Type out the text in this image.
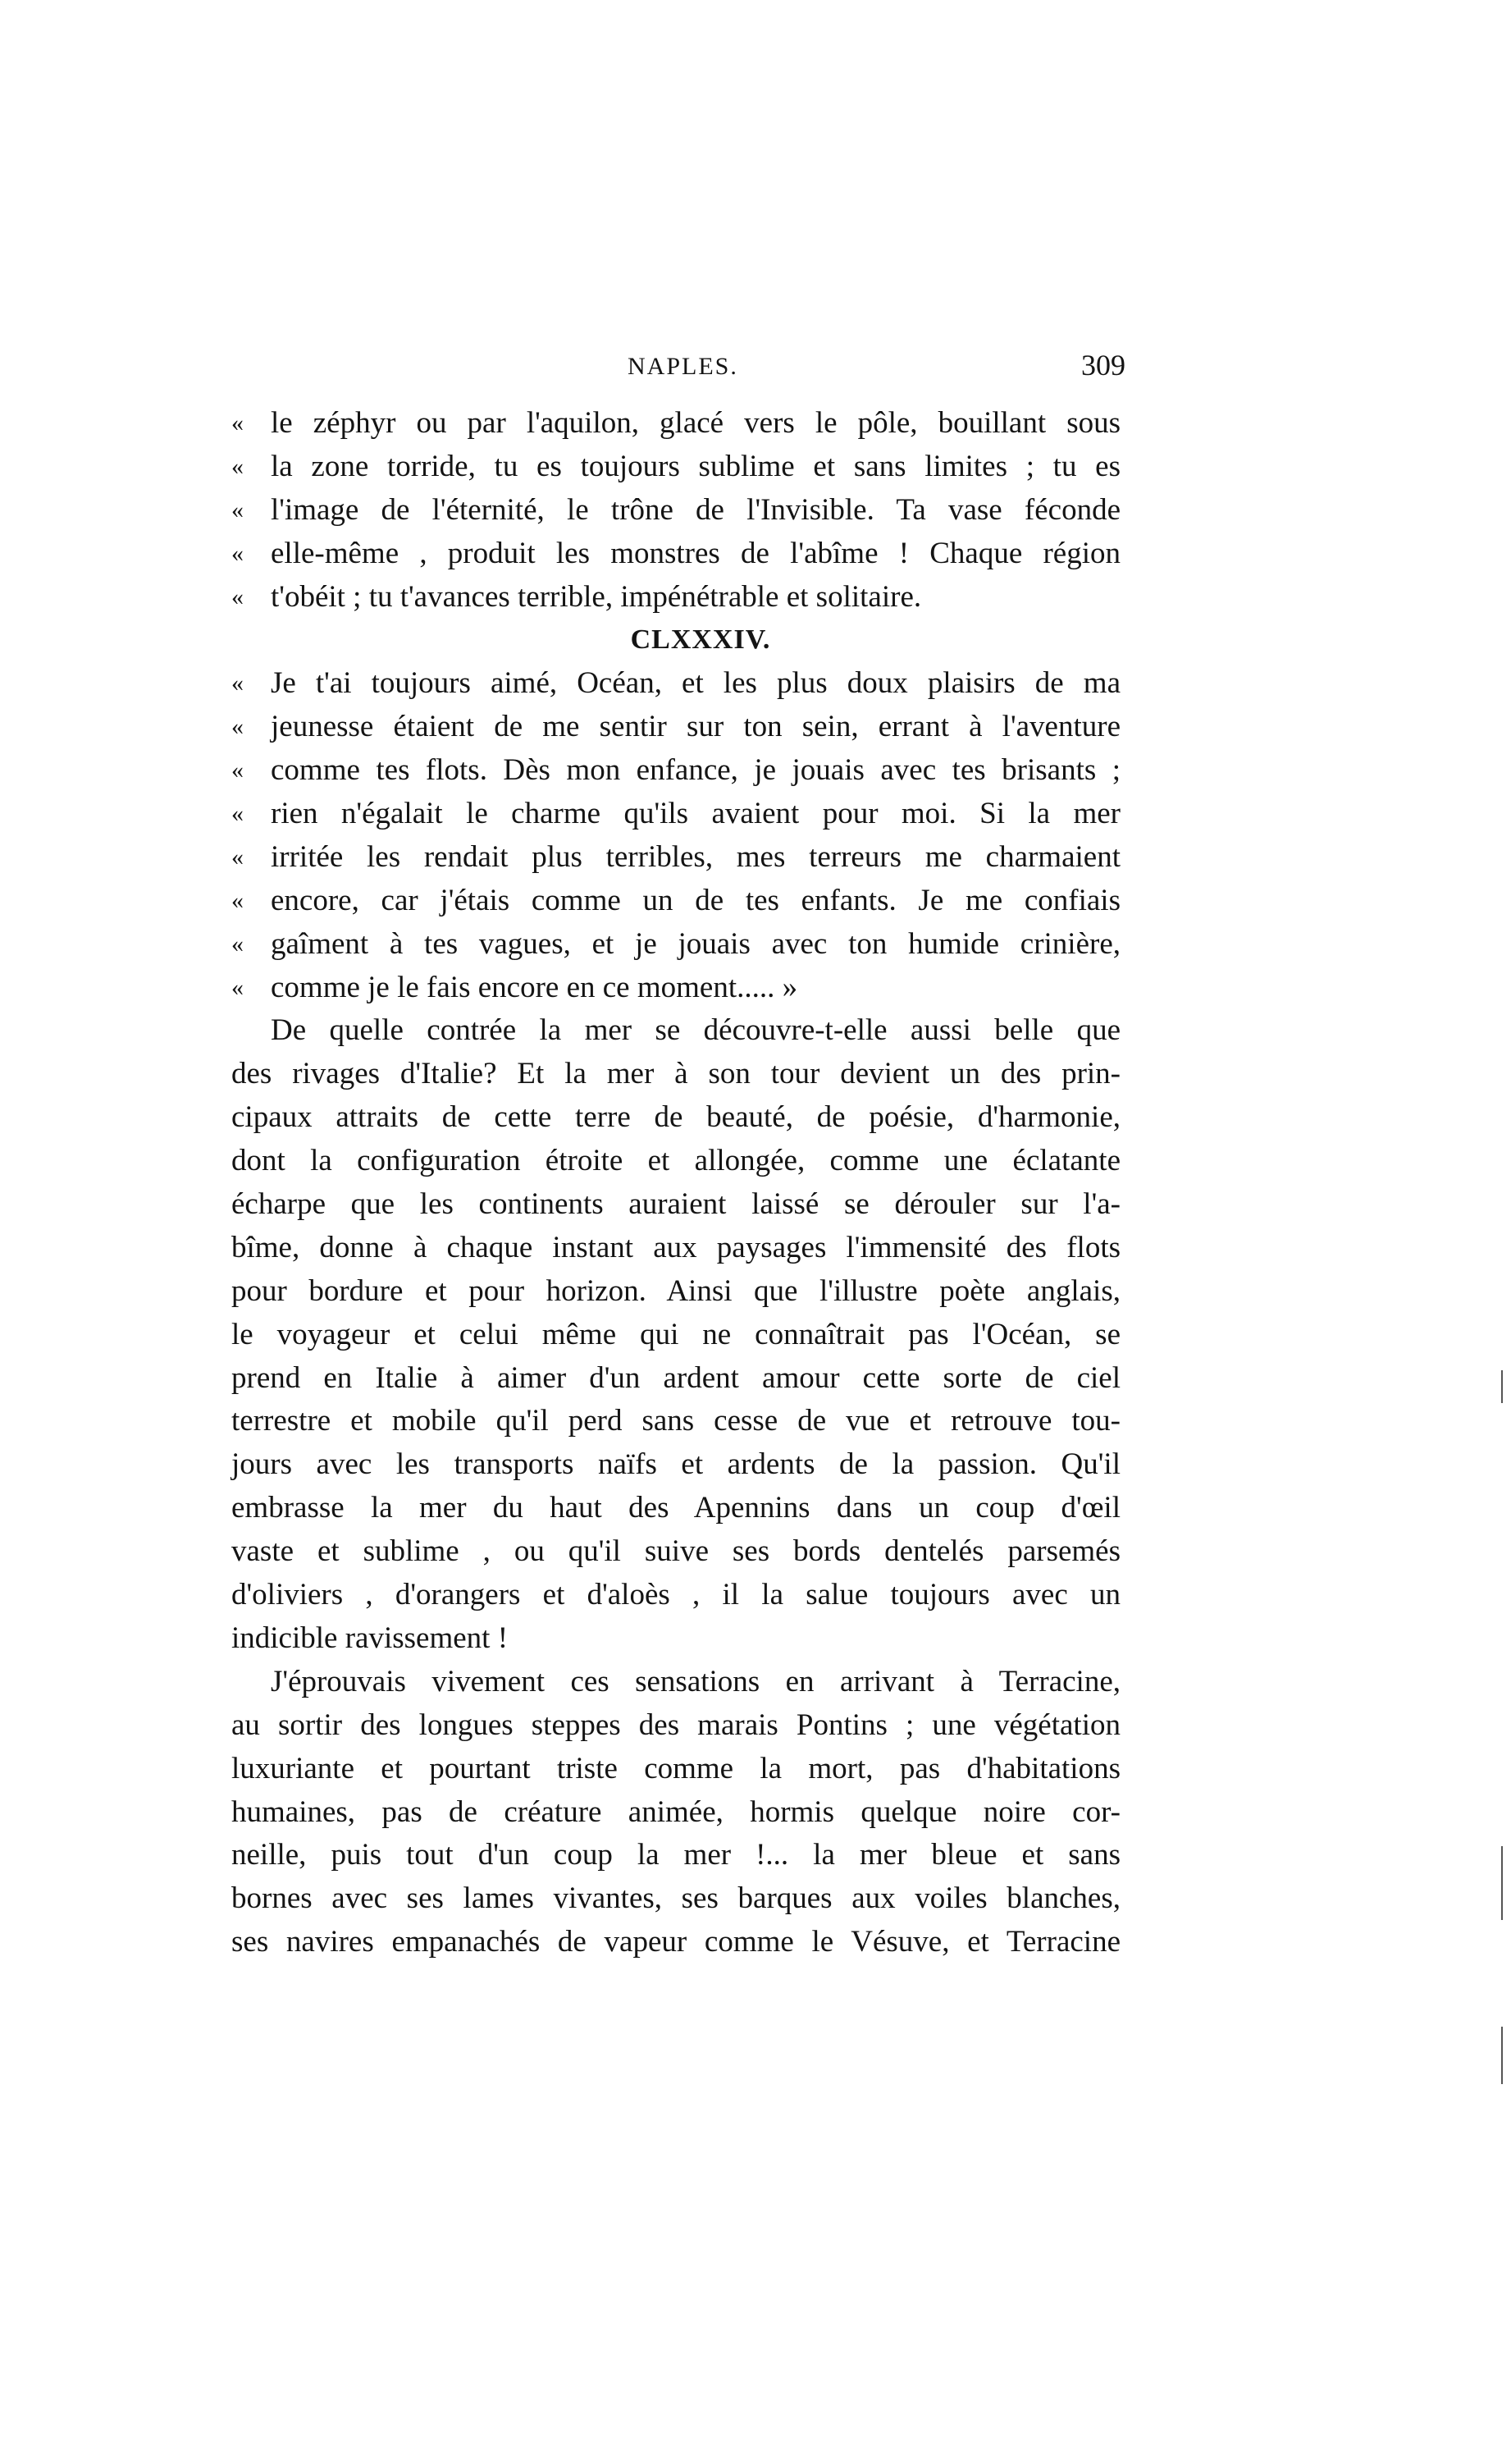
NAPLES.	309
« le zéphyr ou par l'aquilon, glacé vers le pôle, bouillant sous
« la zone torride, tu es toujours sublime et sans limites ; tu es
« l'image de l'éternité, le trône de l'Invisible. Ta vase féconde
« elle-même , produit les monstres de l'abîme ! Chaque région
« t'obéit ; tu t'avances terrible, impénétrable et solitaire.
CLXXXIV.
« Je t'ai toujours aimé, Océan, et les plus doux plaisirs de ma
« jeunesse étaient de me sentir sur ton sein, errant à l'aventure
« comme tes flots. Dès mon enfance, je jouais avec tes brisants ;
« rien n'égalait le charme qu'ils avaient pour moi. Si la mer
« irritée les rendait plus terribles, mes terreurs me charmaient
« encore, car j'étais comme un de tes enfants. Je me confiais
« gaîment à tes vagues, et je jouais avec ton humide crinière,
« comme je le fais encore en ce moment..... »
De quelle contrée la mer se découvre-t-elle aussi belle que
des rivages d'Italie? Et la mer à son tour devient un des prin-
cipaux attraits de cette terre de beauté, de poésie, d'harmonie,
dont la configuration étroite et allongée, comme une éclatante
écharpe que les continents auraient laissé se dérouler sur l'a-
bîme, donne à chaque instant aux paysages l'immensité des flots
pour bordure et pour horizon. Ainsi que l'illustre poète anglais,
le voyageur et celui même qui ne connaîtrait pas l'Océan, se
prend en Italie à aimer d'un ardent amour cette sorte de ciel
terrestre et mobile qu'il perd sans cesse de vue et retrouve tou-
jours avec les transports naïfs et ardents de la passion. Qu'il
embrasse la mer du haut des Apennins dans un coup d'œil
vaste et sublime , ou qu'il suive ses bords dentelés parsemés
d'oliviers , d'orangers et d'aloès , il la salue toujours avec un
indicible ravissement !
J'éprouvais vivement ces sensations en arrivant à Terracine,
au sortir des longues steppes des marais Pontins ; une végétation
luxuriante et pourtant triste comme la mort, pas d'habitations
humaines, pas de créature animée, hormis quelque noire cor-
neille, puis tout d'un coup la mer !... la mer bleue et sans
bornes avec ses lames vivantes, ses barques aux voiles blanches,
ses navires empanachés de vapeur comme le Vésuve, et Terracine
